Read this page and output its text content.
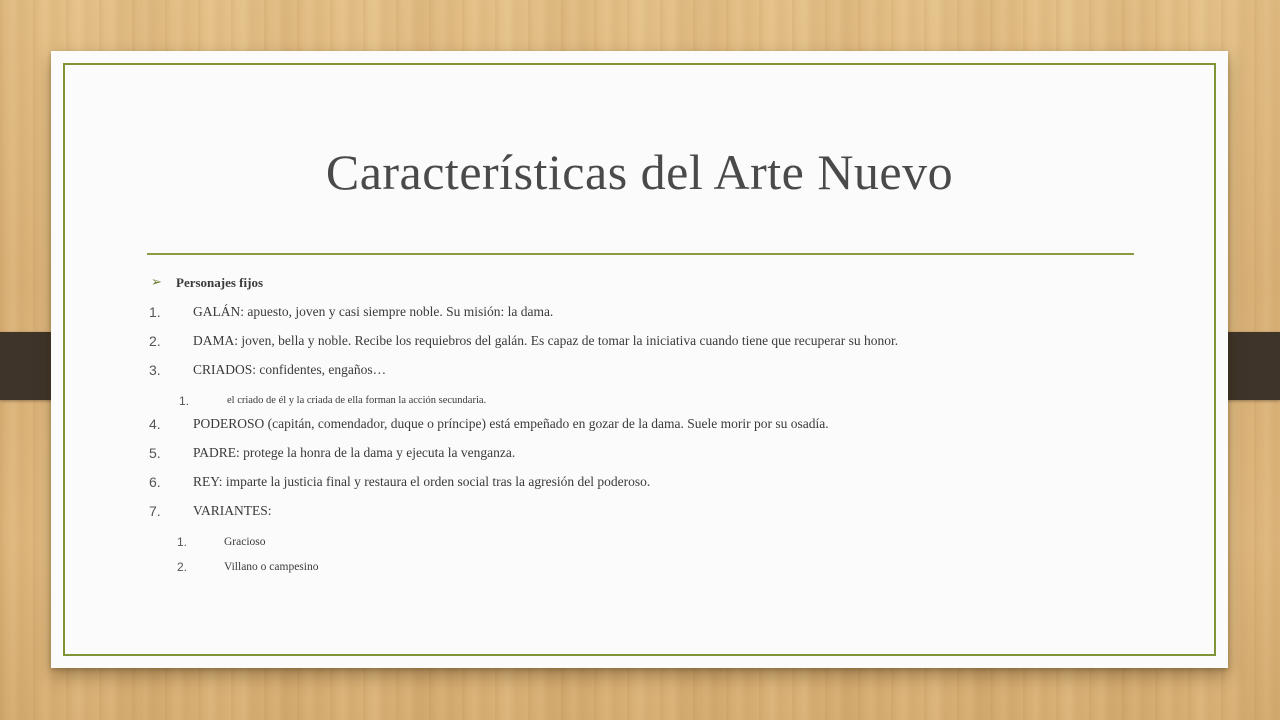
Características del Arte Nuevo
➢ Personajes fijos
1. GALÁN: apuesto, joven y casi siempre noble. Su misión: la dama.
2. DAMA: joven, bella y noble. Recibe los requiebros del galán. Es capaz de tomar la iniciativa cuando tiene que recuperar su honor.
3. CRIADOS: confidentes, engaños…
1.	el criado de él y la criada de ella forman la acción secundaria.
4. PODEROSO (capitán, comendador, duque o príncipe) está empeñado en gozar de la dama. Suele morir por su osadía.
5. PADRE: protege la honra de la dama y ejecuta la venganza.
6. REY: imparte la justicia final y restaura el orden social tras la agresión del poderoso.
7. VARIANTES:
1.	Gracioso
2.	Villano o campesino
